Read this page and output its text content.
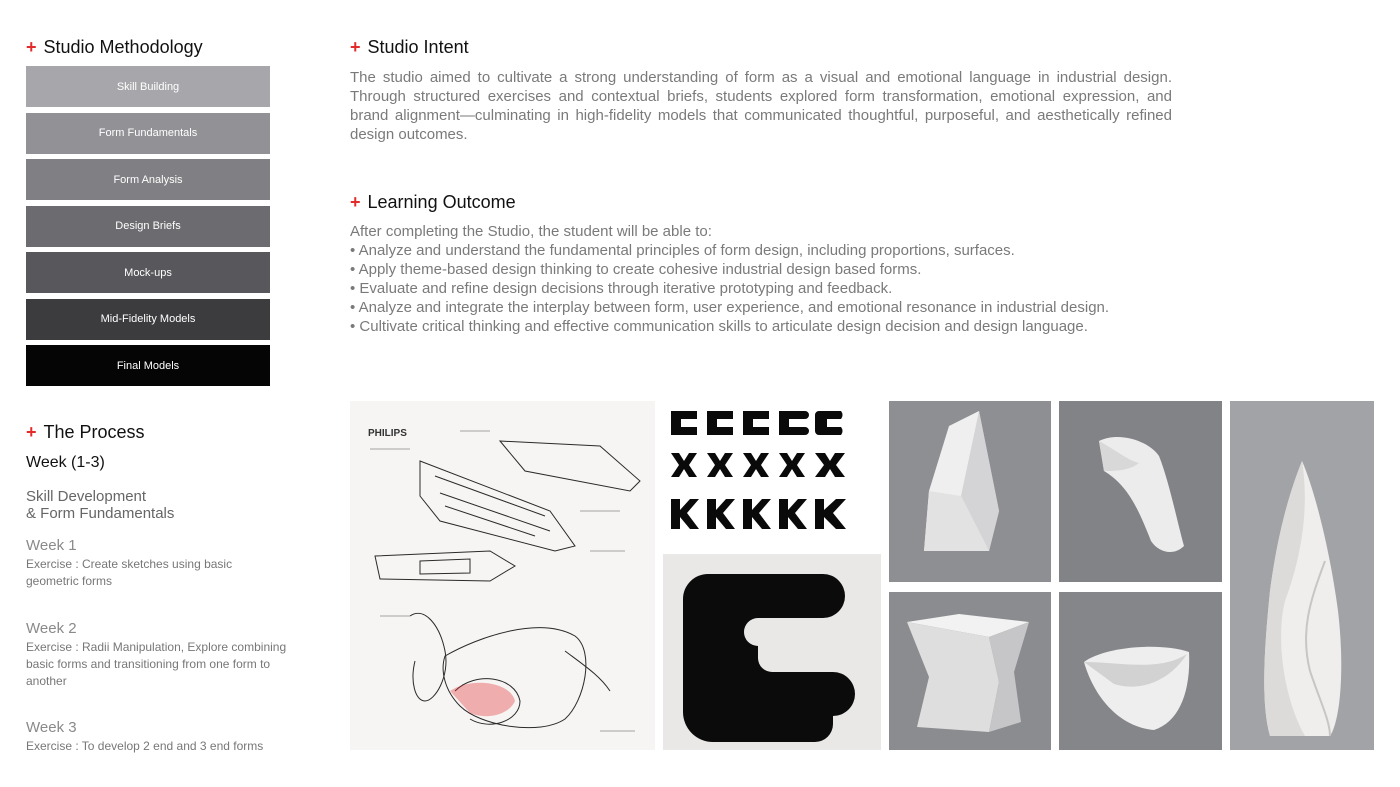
+ Studio Methodology
Skill Building
Form Fundamentals
Form Analysis
Design Briefs
Mock-ups
Mid-Fidelity Models
Final Models
+ Studio Intent

The studio aimed to cultivate a strong understanding of form as a visual and emotional language in industrial design. Through structured exercises and contextual briefs, students explored form transformation, emotional expression, and brand alignment—culminating in high-fidelity models that communicated thoughtful, purposeful, and aesthetically refined design outcomes.

+ Learning Outcome
After completing the Studio, the student will be able to:
• Analyze and understand the fundamental principles of form design, including proportions, surfaces.
• Apply theme-based design thinking to create cohesive industrial design based forms.
• Evaluate and refine design decisions through iterative prototyping and feedback.
• Analyze and integrate the interplay between form, user experience, and emotional resonance in industrial design.
• Cultivate critical thinking and effective communication skills to articulate design decision and design language.
+ The Process
Week (1-3)
Skill Development
& Form Fundamentals
Week 1
Exercise : Create sketches using basic geometric forms
Week 2
Exercise : Radii Manipulation, Explore combining basic forms and transitioning from one form to another
Week 3
Exercise : To develop 2 end and 3 end forms
PHILIPS
